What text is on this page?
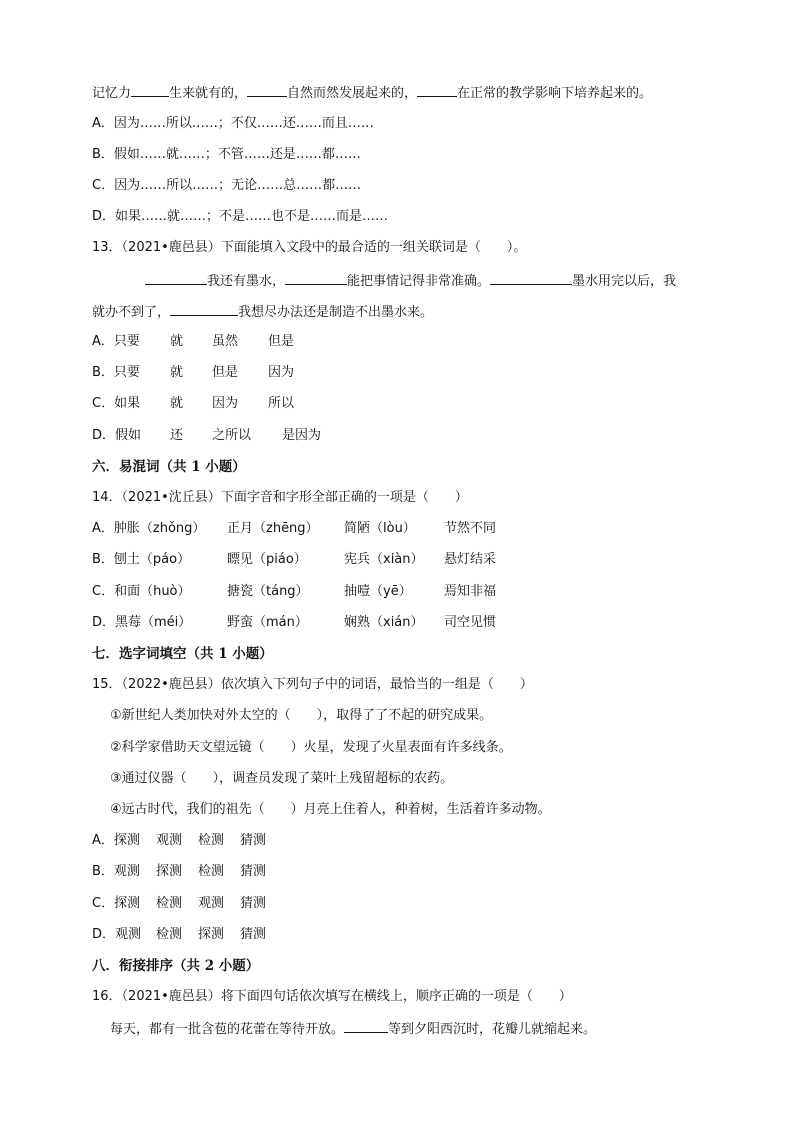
记忆力	生来就有的，	自然而然发展起来的，	在正常的教学影响下培养起来的。
A．因为……所以……；不仅……还……而且……
B．假如……就……；不管……还是……都……
C．因为……所以……；无论……总……都……
D．如果……就……；不是……也不是……而是……
13．（2021•鹿邑县）下面能填入文段中的最合适的一组关联词是（　　）。
我还有墨水，	能把事情记得非常准确。	墨水用完以后，我
就办不到了，	我想尽办法还是制造不出墨水来。
A．只要 就 虽然 但是
B．只要 就 但是 因为
C．如果 就 因为 所以
D．假如 还 之所以 是因为
六．易混词（共 1 小题）
14．（2021•沈丘县）下面字音和字形全部正确的一项是（　　）
A．肿胀（zhǒng） 正月（zhēng） 简陋（lòu） 节然不同
B．刨土（páo）	瞟见（piáo）	宪兵（xiàn） 悬灯结采
C．和面（huò）	搪瓷（táng）	抽噎（yē） 焉知非福
D．黑莓（méi）	野蛮（mán）	娴熟（xián） 司空见惯
七．选字词填空（共 1 小题）
15．（2022•鹿邑县）依次填入下列句子中的词语，最恰当的一组是（　　）
①新世纪人类加快对外太空的（　　），取得了了不起的研究成果。
②科学家借助天文望远镜（　　）火星，发现了火星表面有许多线条。
③通过仪器（　　），调查员发现了菜叶上残留超标的农药。
④远古时代，我们的祖先（　　）月亮上住着人，种着树，生活着许多动物。
A．探测 观测 检测 猜测
B．观测 探测 检测 猜测
C．探测 检测 观测 猜测
D．观测 检测 探测 猜测
八．衔接排序（共 2 小题）
16．（2021•鹿邑县）将下面四句话依次填写在横线上，顺序正确的一项是（　　）
每天，都有一批含苞的花蕾在等待开放。	等到夕阳西沉时，花瓣儿就缩起来。
